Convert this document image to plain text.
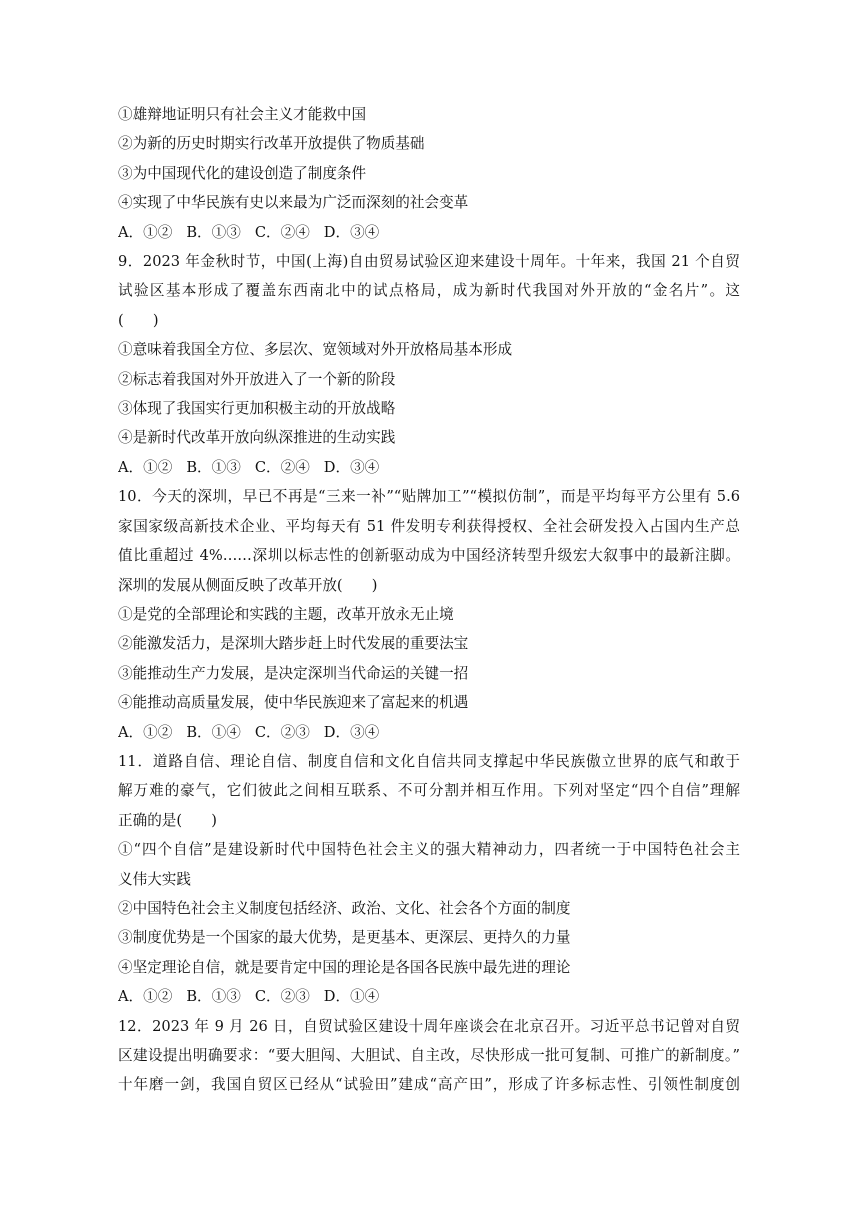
①雄辩地证明只有社会主义才能救中国
②为新的历史时期实行改革开放提供了物质基础
③为中国现代化的建设创造了制度条件
④实现了中华民族有史以来最为广泛而深刻的社会变革
A．①② B．①③ C．②④ D．③④
9．2023 年金秋时节，中国(上海)自由贸易试验区迎来建设十周年。十年来，我国 21 个自贸
试验区基本形成了覆盖东西南北中的试点格局，成为新时代我国对外开放的“金名片”。这
(　　)
①意味着我国全方位、多层次、宽领域对外开放格局基本形成
②标志着我国对外开放进入了一个新的阶段
③体现了我国实行更加积极主动的开放战略
④是新时代改革开放向纵深推进的生动实践
A．①② B．①③ C．②④ D．③④
10．今天的深圳，早已不再是“三来一补”“贴牌加工”“模拟仿制”，而是平均每平方公里有 5.6
家国家级高新技术企业、平均每天有 51 件发明专利获得授权、全社会研发投入占国内生产总
值比重超过 4%……深圳以标志性的创新驱动成为中国经济转型升级宏大叙事中的最新注脚。
深圳的发展从侧面反映了改革开放(　　)
①是党的全部理论和实践的主题，改革开放永无止境
②能激发活力，是深圳大踏步赶上时代发展的重要法宝
③能推动生产力发展，是决定深圳当代命运的关键一招
④能推动高质量发展，使中华民族迎来了富起来的机遇
A．①② B．①④ C．②③ D．③④
11．道路自信、理论自信、制度自信和文化自信共同支撑起中华民族傲立世界的底气和敢于
解万难的豪气，它们彼此之间相互联系、不可分割并相互作用。下列对坚定“四个自信”理解
正确的是(　　)
①“四个自信”是建设新时代中国特色社会主义的强大精神动力，四者统一于中国特色社会主
义伟大实践
②中国特色社会主义制度包括经济、政治、文化、社会各个方面的制度
③制度优势是一个国家的最大优势，是更基本、更深层、更持久的力量
④坚定理论自信，就是要肯定中国的理论是各国各民族中最先进的理论
A．①② B．①③ C．②③ D．①④
12．2023 年 9 月 26 日，自贸试验区建设十周年座谈会在北京召开。习近平总书记曾对自贸
区建设提出明确要求：“要大胆闯、大胆试、自主改，尽快形成一批可复制、可推广的新制度。”
十年磨一剑，我国自贸区已经从“试验田”建成“高产田”，形成了许多标志性、引领性制度创
